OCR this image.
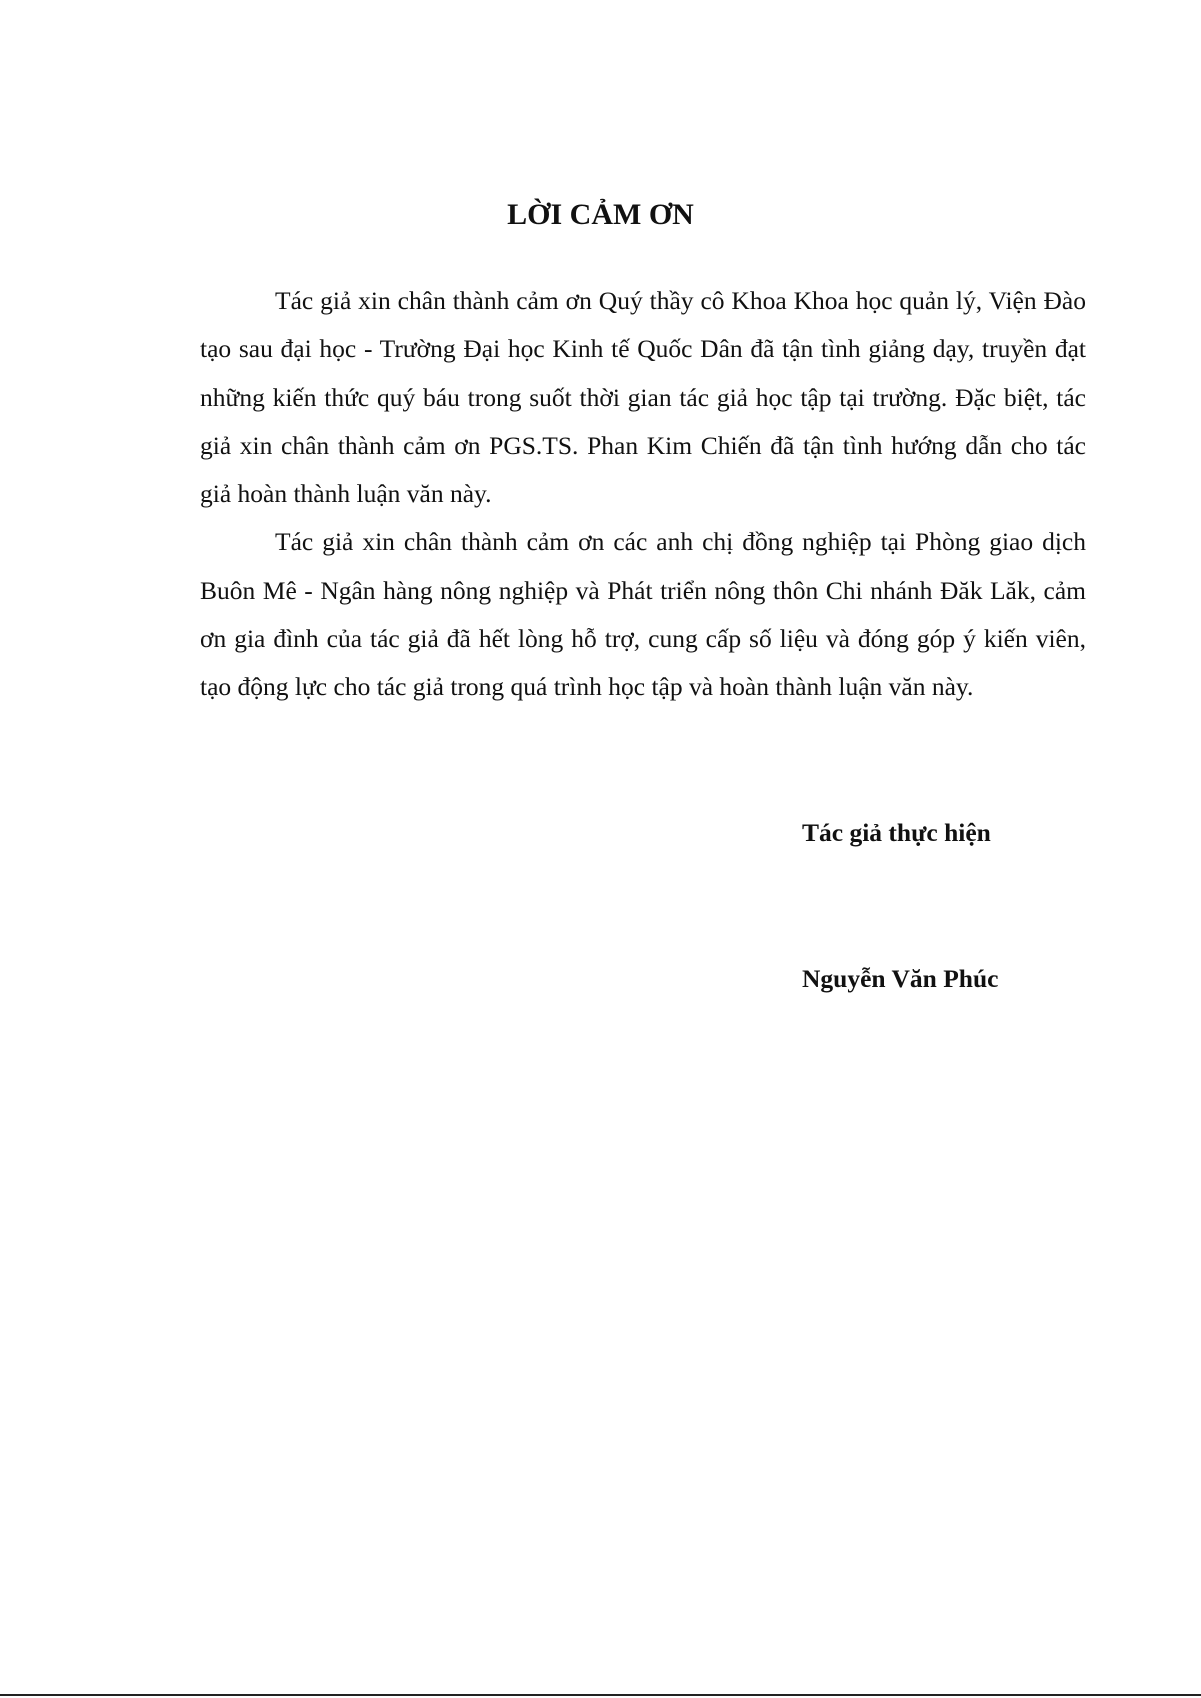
LỜI CẢM ƠN

Tác giả xin chân thành cảm ơn Quý thầy cô Khoa Khoa học quản lý, Viện Đào tạo sau đại học - Trường Đại học Kinh tế Quốc Dân đã tận tình giảng dạy, truyền đạt những kiến thức quý báu trong suốt thời gian tác giả học tập tại trường. Đặc biệt, tác giả xin chân thành cảm ơn PGS.TS. Phan Kim Chiến đã tận tình hướng dẫn cho tác giả hoàn thành luận văn này.

Tác giả xin chân thành cảm ơn các anh chị đồng nghiệp tại Phòng giao dịch Buôn Mê - Ngân hàng nông nghiệp và Phát triển nông thôn Chi nhánh Đăk Lăk, cảm ơn gia đình của tác giả đã hết lòng hỗ trợ, cung cấp số liệu và đóng góp ý kiến viên, tạo động lực cho tác giả trong quá trình học tập và hoàn thành luận văn này.

Tác giả thực hiện

Nguyễn Văn Phúc
